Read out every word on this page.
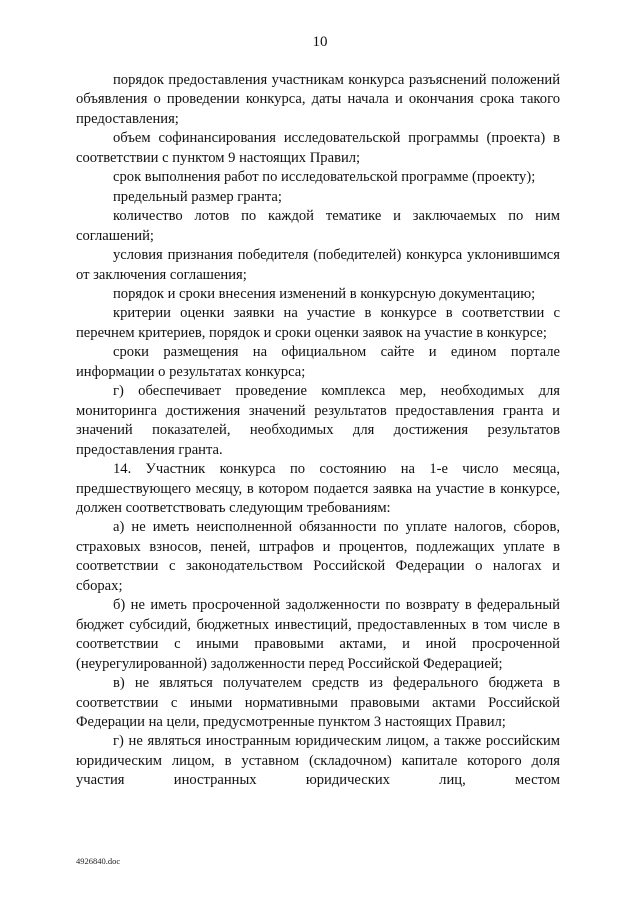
10

порядок предоставления участникам конкурса разъяснений положений объявления о проведении конкурса, даты начала и окончания срока такого предоставления;

объем софинансирования исследовательской программы (проекта) в соответствии с пунктом 9 настоящих Правил;

срок выполнения работ по исследовательской программе (проекту);

предельный размер гранта;

количество лотов по каждой тематике и заключаемых по ним соглашений;

условия признания победителя (победителей) конкурса уклонившимся от заключения соглашения;

порядок и сроки внесения изменений в конкурсную документацию;

критерии оценки заявки на участие в конкурсе в соответствии с перечнем критериев, порядок и сроки оценки заявок на участие в конкурсе;

сроки размещения на официальном сайте и едином портале информации о результатах конкурса;

г) обеспечивает проведение комплекса мер, необходимых для мониторинга достижения значений результатов предоставления гранта и значений показателей, необходимых для достижения результатов предоставления гранта.

14. Участник конкурса по состоянию на 1-е число месяца, предшествующего месяцу, в котором подается заявка на участие в конкурсе, должен соответствовать следующим требованиям:

а) не иметь неисполненной обязанности по уплате налогов, сборов, страховых взносов, пеней, штрафов и процентов, подлежащих уплате в соответствии с законодательством Российской Федерации о налогах и сборах;

б) не иметь просроченной задолженности по возврату в федеральный бюджет субсидий, бюджетных инвестиций, предоставленных в том числе в соответствии с иными правовыми актами, и иной просроченной (неурегулированной) задолженности перед Российской Федерацией;

в) не являться получателем средств из федерального бюджета в соответствии с иными нормативными правовыми актами Российской Федерации на цели, предусмотренные пунктом 3 настоящих Правил;

г) не являться иностранным юридическим лицом, а также российским юридическим лицом, в уставном (складочном) капитале которого доля участия иностранных юридических лиц, местом

4926840.doc
